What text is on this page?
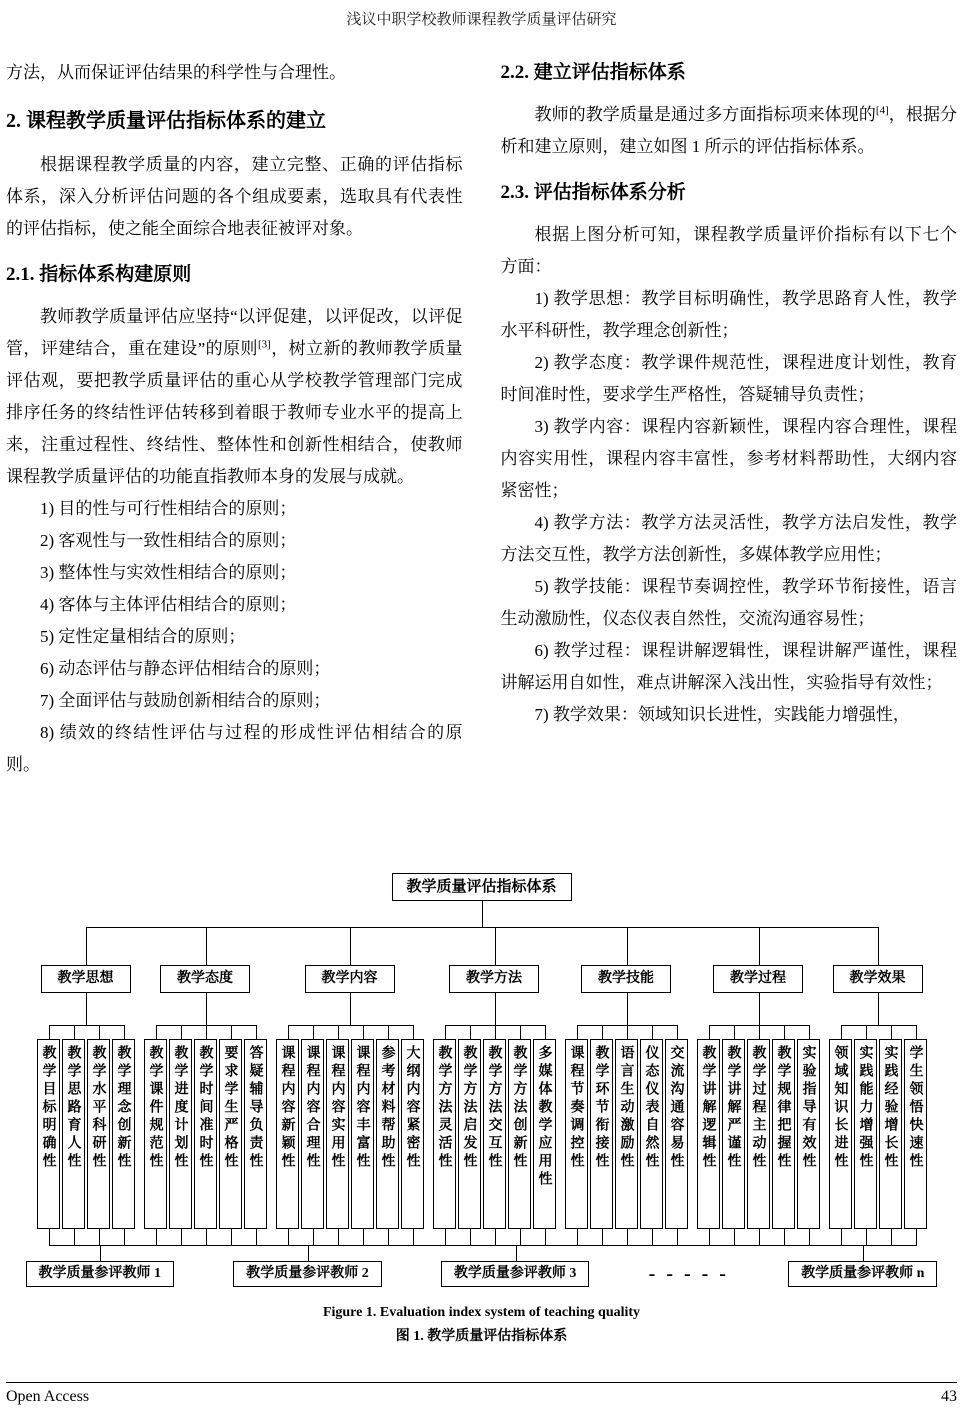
浅议中职学校教师课程教学质量评估研究

方法，从而保证评估结果的科学性与合理性。

2. 课程教学质量评估指标体系的建立

根据课程教学质量的内容，建立完整、正确的评估指标体系，深入分析评估问题的各个组成要素，选取具有代表性的评估指标，使之能全面综合地表征被评对象。

2.1. 指标体系构建原则

教师教学质量评估应坚持“以评促建，以评促改，以评促管，评建结合，重在建设”的原则[3]，树立新的教师教学质量评估观，要把教学质量评估的重心从学校教学管理部门完成排序任务的终结性评估转移到着眼于教师专业水平的提高上来，注重过程性、终结性、整体性和创新性相结合，使教师课程教学质量评估的功能直指教师本身的发展与成就。

1) 目的性与可行性相结合的原则；

2) 客观性与一致性相结合的原则；

3) 整体性与实效性相结合的原则；

4) 客体与主体评估相结合的原则；

5) 定性定量相结合的原则；

6) 动态评估与静态评估相结合的原则；

7) 全面评估与鼓励创新相结合的原则；

8) 绩效的终结性评估与过程的形成性评估相结合的原则。

2.2. 建立评估指标体系

教师的教学质量是通过多方面指标项来体现的[4]，根据分析和建立原则，建立如图 1 所示的评估指标体系。

2.3. 评估指标体系分析

根据上图分析可知，课程教学质量评价指标有以下七个方面：

1) 教学思想：教学目标明确性，教学思路育人性，教学水平科研性，教学理念创新性；

2) 教学态度：教学课件规范性，课程进度计划性，教育时间准时性，要求学生严格性，答疑辅导负责性；

3) 教学内容：课程内容新颖性，课程内容合理性，课程内容实用性，课程内容丰富性，参考材料帮助性，大纲内容紧密性；

4) 教学方法：教学方法灵活性，教学方法启发性，教学方法交互性，教学方法创新性，多媒体教学应用性；

5) 教学技能：课程节奏调控性，教学环节衔接性，语言生动激励性，仪态仪表自然性，交流沟通容易性；

6) 教学过程：课程讲解逻辑性，课程讲解严谨性，课程讲解运用自如性，难点讲解深入浅出性，实验指导有效性；

7) 教学效果：领域知识长进性，实践能力增强性，

教学质量评估指标体系
教学目标明确性 教学思路育人性 教学水平科研性 教学理念创新性 教学课件规范性 教学进度计划性 教学时间准时性 要求学生严格性 答疑辅导负责性 课程内容新颖性 课程内容合理性 课程内容实用性 课程内容丰富性 参考材料帮助性 大纲内容紧密性 教学方法灵活性 教学方法启发性 教学方法交互性 教学方法创新性 多媒体教学应用性 课程节奏调控性 教学环节衔接性 语言生动激励性 仪态仪表自然性 交流沟通容易性 教学讲解逻辑性 教学讲解严谨性 教学过程主动性 教学规律把握性 实验指导有效性 领域知识长进性 实践能力增强性 实践经验增长性 学生领悟快速性
教学思想	教学态度	教学内容	教学方法	教学技能	教学过程	教学效果
教学质量参评教师 1	教学质量参评教师 2	教学质量参评教师 3	- - - - -	教学质量参评教师 n
Figure 1. Evaluation index system of teaching quality
图 1. 教学质量评估指标体系
Open Access	43
